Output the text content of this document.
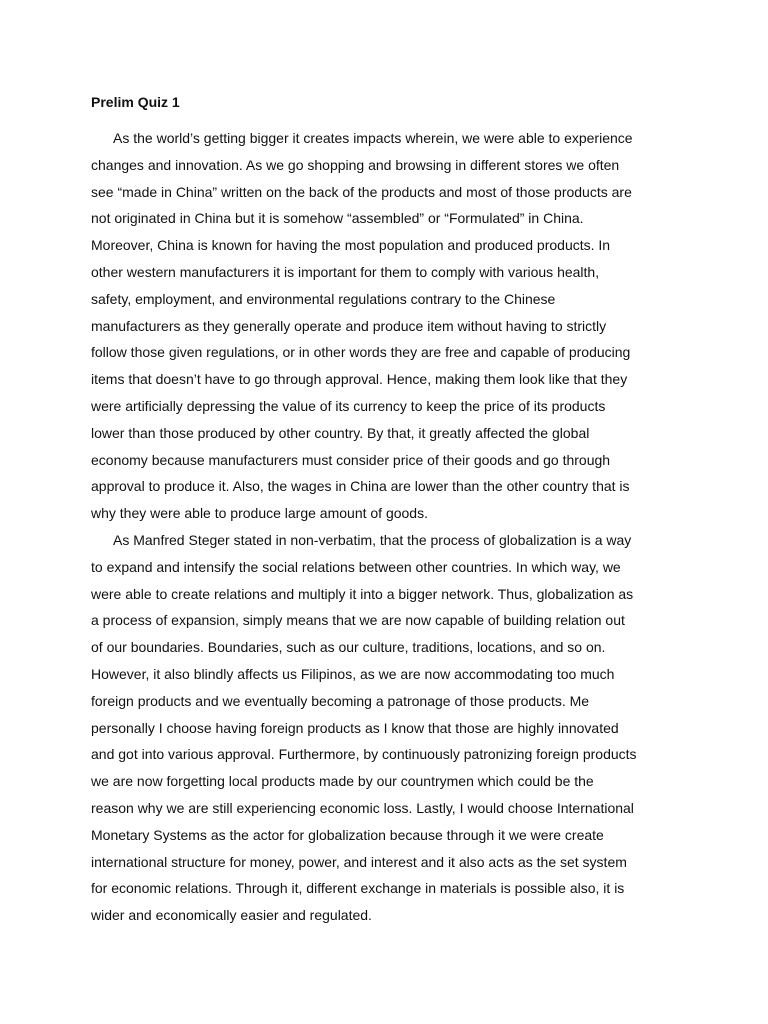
Prelim Quiz 1
As the world’s getting bigger it creates impacts wherein, we were able to experience
changes and innovation. As we go shopping and browsing in different stores we often
see “made in China” written on the back of the products and most of those products are
not originated in China but it is somehow “assembled” or “Formulated” in China.
Moreover, China is known for having the most population and produced products. In
other western manufacturers it is important for them to comply with various health,
safety, employment, and environmental regulations contrary to the Chinese
manufacturers as they generally operate and produce item without having to strictly
follow those given regulations, or in other words they are free and capable of producing
items that doesn’t have to go through approval. Hence, making them look like that they
were artificially depressing the value of its currency to keep the price of its products
lower than those produced by other country. By that, it greatly affected the global
economy because manufacturers must consider price of their goods and go through
approval to produce it. Also, the wages in China are lower than the other country that is
why they were able to produce large amount of goods.
As Manfred Steger stated in non-verbatim, that the process of globalization is a way
to expand and intensify the social relations between other countries. In which way, we
were able to create relations and multiply it into a bigger network. Thus, globalization as
a process of expansion, simply means that we are now capable of building relation out
of our boundaries. Boundaries, such as our culture, traditions, locations, and so on.
However, it also blindly affects us Filipinos, as we are now accommodating too much
foreign products and we eventually becoming a patronage of those products. Me
personally I choose having foreign products as I know that those are highly innovated
and got into various approval. Furthermore, by continuously patronizing foreign products
we are now forgetting local products made by our countrymen which could be the
reason why we are still experiencing economic loss. Lastly, I would choose International
Monetary Systems as the actor for globalization because through it we were create
international structure for money, power, and interest and it also acts as the set system
for economic relations. Through it, different exchange in materials is possible also, it is
wider and economically easier and regulated.
